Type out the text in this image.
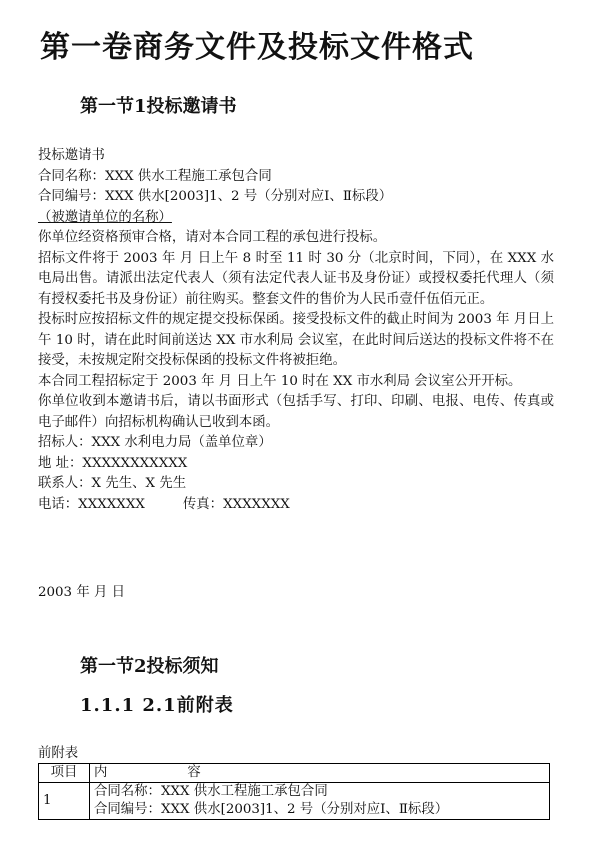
第一卷商务文件及投标文件格式
第一节1投标邀请书

投标邀请书

合同名称：XXX 供水工程施工承包合同

合同编号：XXX 供水[2003]1、2 号（分别对应Ⅰ、Ⅱ标段）

（被邀请单位的名称）

你单位经资格预审合格，请对本合同工程的承包进行投标。

招标文件将于 2003 年 月 日上午 8 时至 11 时 30 分（北京时间，下同），在 XXX 水电局出售。请派出法定代表人（须有法定代表人证书及身份证）或授权委托代理人（须有授权委托书及身份证）前往购买。整套文件的售价为人民币壹仟伍佰元正。

投标时应按招标文件的规定提交投标保函。接受投标文件的截止时间为 2003 年 月日上午 10 时，请在此时间前送达 XX 市水利局 会议室，在此时间后送达的投标文件将不在接受，未按规定附交投标保函的投标文件将被拒绝。

本合同工程招标定于 2003 年 月 日上午 10 时在 XX 市水利局 会议室公开开标。

你单位收到本邀请书后，请以书面形式（包括手写、打印、印刷、电报、电传、传真或电子邮件）向招标机构确认已收到本函。

招标人：XXX 水利电力局（盖单位章）

地 址：XXXXXXXXXXX

联系人：X 先生、X 先生

电话：XXXXXXX	传真：XXXXXXX

2003 年 月 日
第一节2投标须知
1.1.1 2.1前附表
前附表
项目	内 容
1	合同名称：XXX 供水工程施工承包合同
合同编号：XXX 供水[2003]1、2 号（分别对应Ⅰ、Ⅱ标段）
